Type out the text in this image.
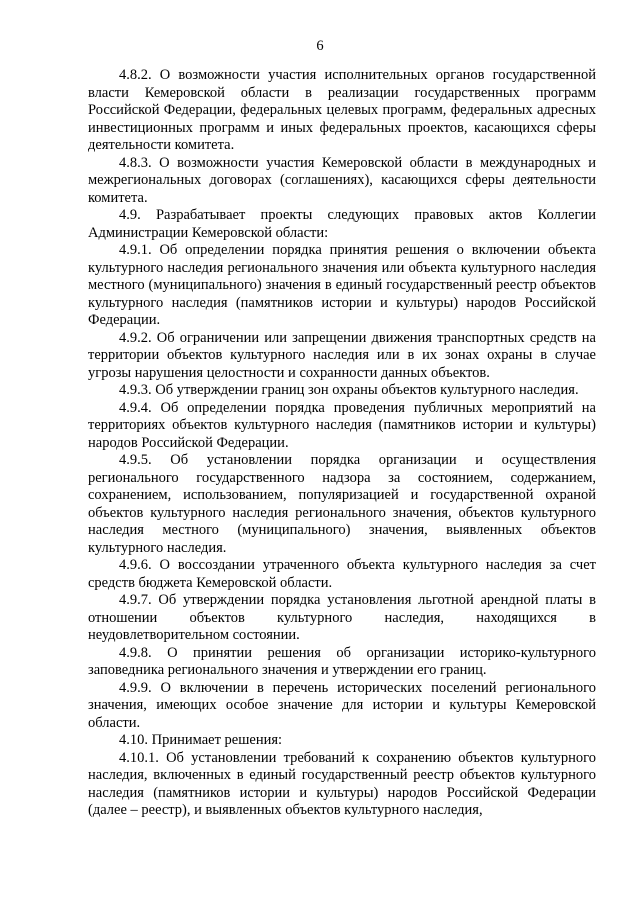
6

4.8.2. О возможности участия исполнительных органов государственной власти Кемеровской области в реализации государственных программ Российской Федерации, федеральных целевых программ, федеральных адресных инвестиционных программ и иных федеральных проектов, касающихся сферы деятельности комитета.

4.8.3. О возможности участия Кемеровской области в международных и межрегиональных договорах (соглашениях), касающихся сферы деятельности комитета.

4.9. Разрабатывает проекты следующих правовых актов Коллегии Администрации Кемеровской области:

4.9.1. Об определении порядка принятия решения о включении объекта культурного наследия регионального значения или объекта культурного наследия местного (муниципального) значения в единый государственный реестр объектов культурного наследия (памятников истории и культуры) народов Российской Федерации.

4.9.2. Об ограничении или запрещении движения транспортных средств на территории объектов культурного наследия или в их зонах охраны в случае угрозы нарушения целостности и сохранности данных объектов.

4.9.3. Об утверждении границ зон охраны объектов культурного наследия.

4.9.4. Об определении порядка проведения публичных мероприятий на территориях объектов культурного наследия (памятников истории и культуры) народов Российской Федерации.

4.9.5. Об установлении порядка организации и осуществления регионального государственного надзора за состоянием, содержанием, сохранением, использованием, популяризацией и государственной охраной объектов культурного наследия регионального значения, объектов культурного наследия местного (муниципального) значения, выявленных объектов культурного наследия.

4.9.6. О воссоздании утраченного объекта культурного наследия за счет средств бюджета Кемеровской области.

4.9.7. Об утверждении порядка установления льготной арендной платы в отношении объектов культурного наследия, находящихся в неудовлетворительном состоянии.

4.9.8. О принятии решения об организации историко-культурного заповедника регионального значения и утверждении его границ.

4.9.9. О включении в перечень исторических поселений регионального значения, имеющих особое значение для истории и культуры Кемеровской области.

4.10. Принимает решения:

4.10.1. Об установлении требований к сохранению объектов культурного наследия, включенных в единый государственный реестр объектов культурного наследия (памятников истории и культуры) народов Российской Федерации (далее – реестр), и выявленных объектов культурного наследия,
